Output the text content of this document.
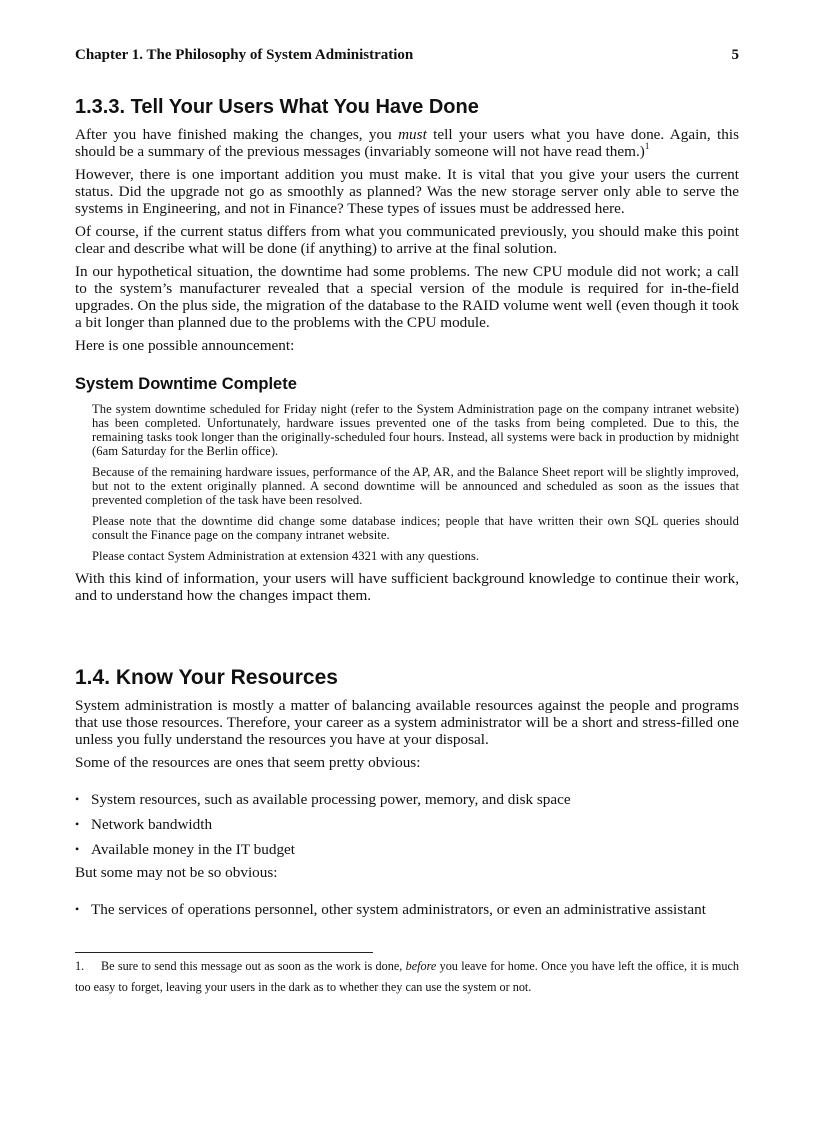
Chapter 1. The Philosophy of System Administration	5
1.3.3. Tell Your Users What You Have Done

After you have finished making the changes, you must tell your users what you have done. Again, this should be a summary of the previous messages (invariably someone will not have read them.)$^1$

However, there is one important addition you must make. It is vital that you give your users the current status. Did the upgrade not go as smoothly as planned? Was the new storage server only able to serve the systems in Engineering, and not in Finance? These types of issues must be addressed here.

Of course, if the current status differs from what you communicated previously, you should make this point clear and describe what will be done (if anything) to arrive at the final solution.

In our hypothetical situation, the downtime had some problems. The new CPU module did not work; a call to the system’s manufacturer revealed that a special version of the module is required for in-the-field upgrades. On the plus side, the migration of the database to the RAID volume went well (even though it took a bit longer than planned due to the problems with the CPU module.

Here is one possible announcement:

System Downtime Complete

The system downtime scheduled for Friday night (refer to the System Administration page on the company intranet website) has been completed. Unfortunately, hardware issues prevented one of the tasks from being completed. Due to this, the remaining tasks took longer than the originally-scheduled four hours. Instead, all systems were back in production by midnight (6am Saturday for the Berlin office).

Because of the remaining hardware issues, performance of the AP, AR, and the Balance Sheet report will be slightly improved, but not to the extent originally planned. A second downtime will be announced and scheduled as soon as the issues that prevented completion of the task have been resolved.

Please note that the downtime did change some database indices; people that have written their own SQL queries should consult the Finance page on the company intranet website.

Please contact System Administration at extension 4321 with any questions.

With this kind of information, your users will have sufficient background knowledge to continue their work, and to understand how the changes impact them.

1.4. Know Your Resources

System administration is mostly a matter of balancing available resources against the people and programs that use those resources. Therefore, your career as a system administrator will be a short and stress-filled one unless you fully understand the resources you have at your disposal.

Some of the resources are ones that seem pretty obvious:

• System resources, such as available processing power, memory, and disk space
• Network bandwidth
• Available money in the IT budget

But some may not be so obvious:

• The services of operations personnel, other system administrators, or even an administrative assistant

1. Be sure to send this message out as soon as the work is done, before you leave for home. Once you have left the office, it is much too easy to forget, leaving your users in the dark as to whether they can use the system or not.
